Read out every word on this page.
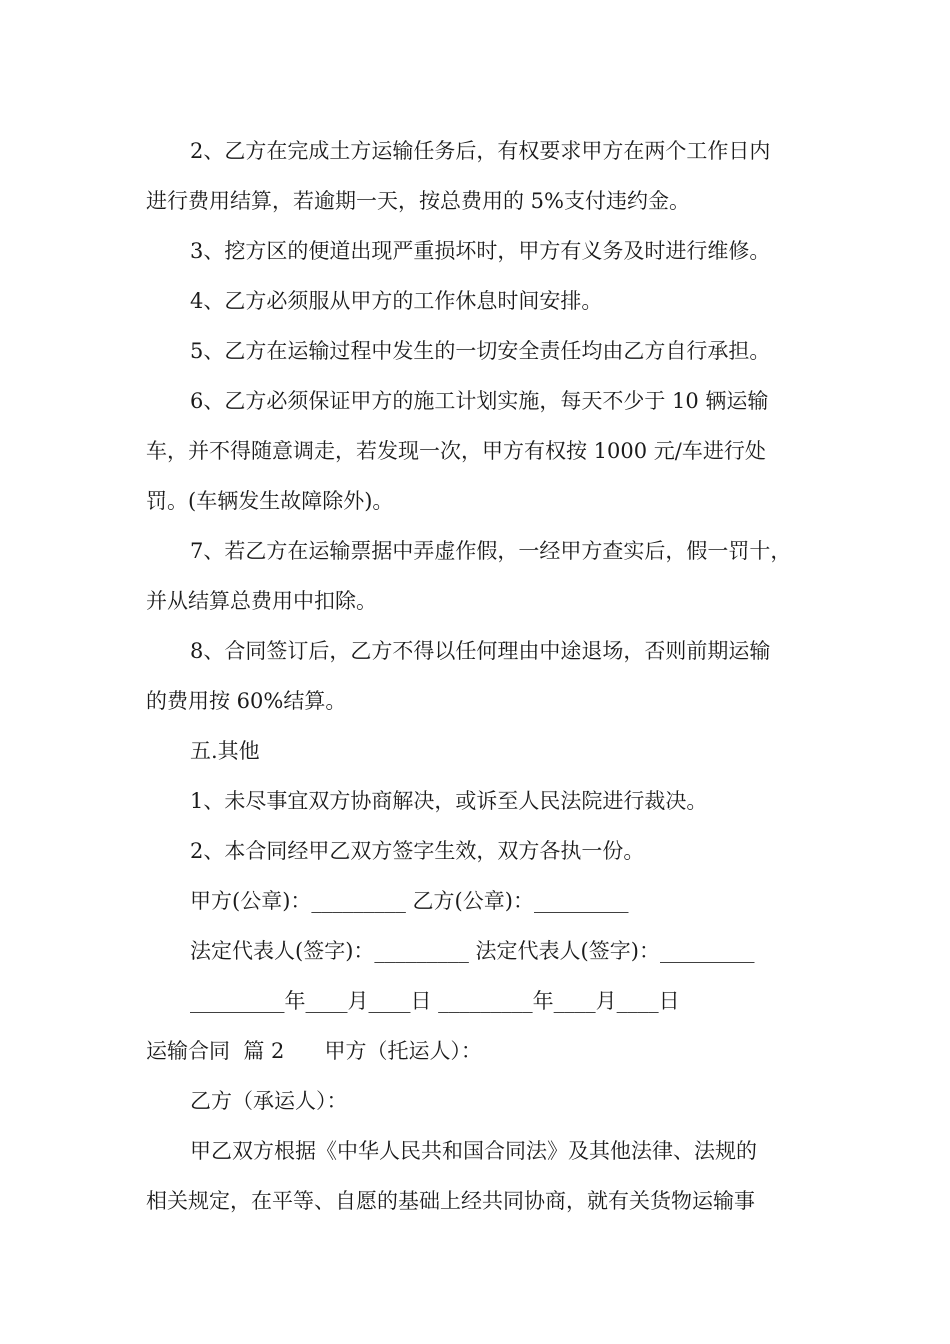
2、乙方在完成土方运输任务后，有权要求甲方在两个工作日内
进行费用结算，若逾期一天，按总费用的 5%支付违约金。
3、挖方区的便道出现严重损坏时，甲方有义务及时进行维修。
4、乙方必须服从甲方的工作休息时间安排。
5、乙方在运输过程中发生的一切安全责任均由乙方自行承担。
6、乙方必须保证甲方的施工计划实施，每天不少于 10 辆运输
车，并不得随意调走，若发现一次，甲方有权按 1000 元/车进行处
罚。(车辆发生故障除外)。
7、若乙方在运输票据中弄虚作假，一经甲方查实后，假一罚十，
并从结算总费用中扣除。
8、合同签订后，乙方不得以任何理由中途退场，否则前期运输
的费用按 60%结算。
五.其他
1、未尽事宜双方协商解决，或诉至人民法院进行裁决。
2、本合同经甲乙双方签字生效，双方各执一份。
甲方(公章)：_________ 乙方(公章)：_________
法定代表人(签字)：_________ 法定代表人(签字)：_________
_________年____月____日 _________年____月____日
运输合同  篇 2      甲方（托运人）：
乙方（承运人）：
甲乙双方根据《中华人民共和国合同法》及其他法律、法规的
相关规定，在平等、自愿的基础上经共同协商，就有关货物运输事
